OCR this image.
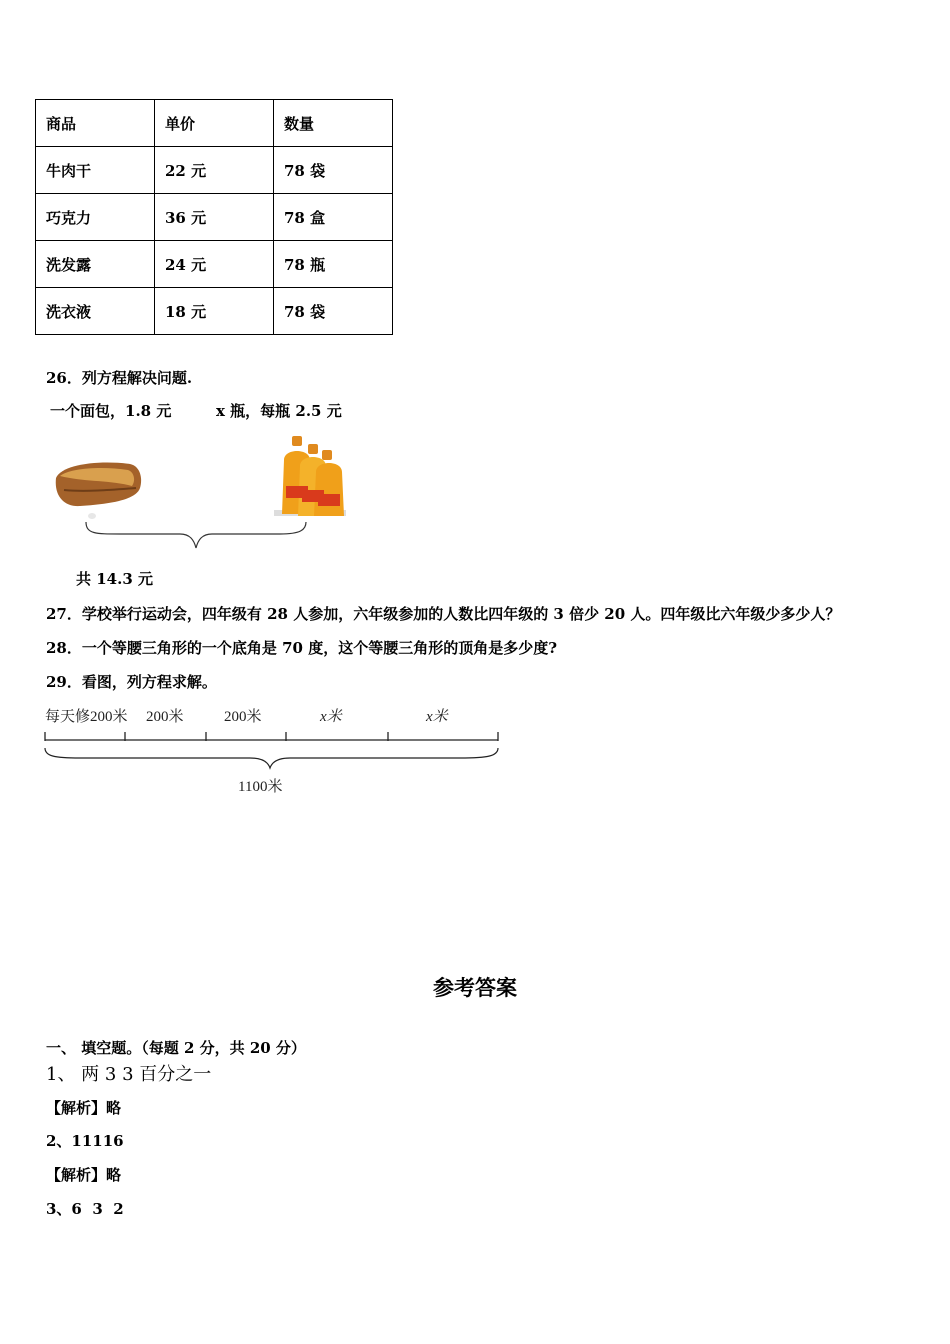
商品	单价	数量
牛肉干	22 元	78 袋
巧克力	36 元	78 盒
洗发露	24 元	78 瓶
洗衣液	18 元	78 袋
26．列方程解决问题.
一个面包，1.8 元	x 瓶，每瓶 2.5 元
共 14.3 元
27．学校举行运动会，四年级有 28 人参加，六年级参加的人数比四年级的 3 倍少 20 人。四年级比六年级少多少人？
28．一个等腰三角形的一个底角是 70 度，这个等腰三角形的顶角是多少度?
29．看图，列方程求解。
每天修200米 200米	200米	x米	x米
1100米
参考答案
一、 填空题。（每题 2 分，共 20 分）
1、 两 3 3 百分之一
【解析】略
2、11116
【解析】略
3、6  3  2
